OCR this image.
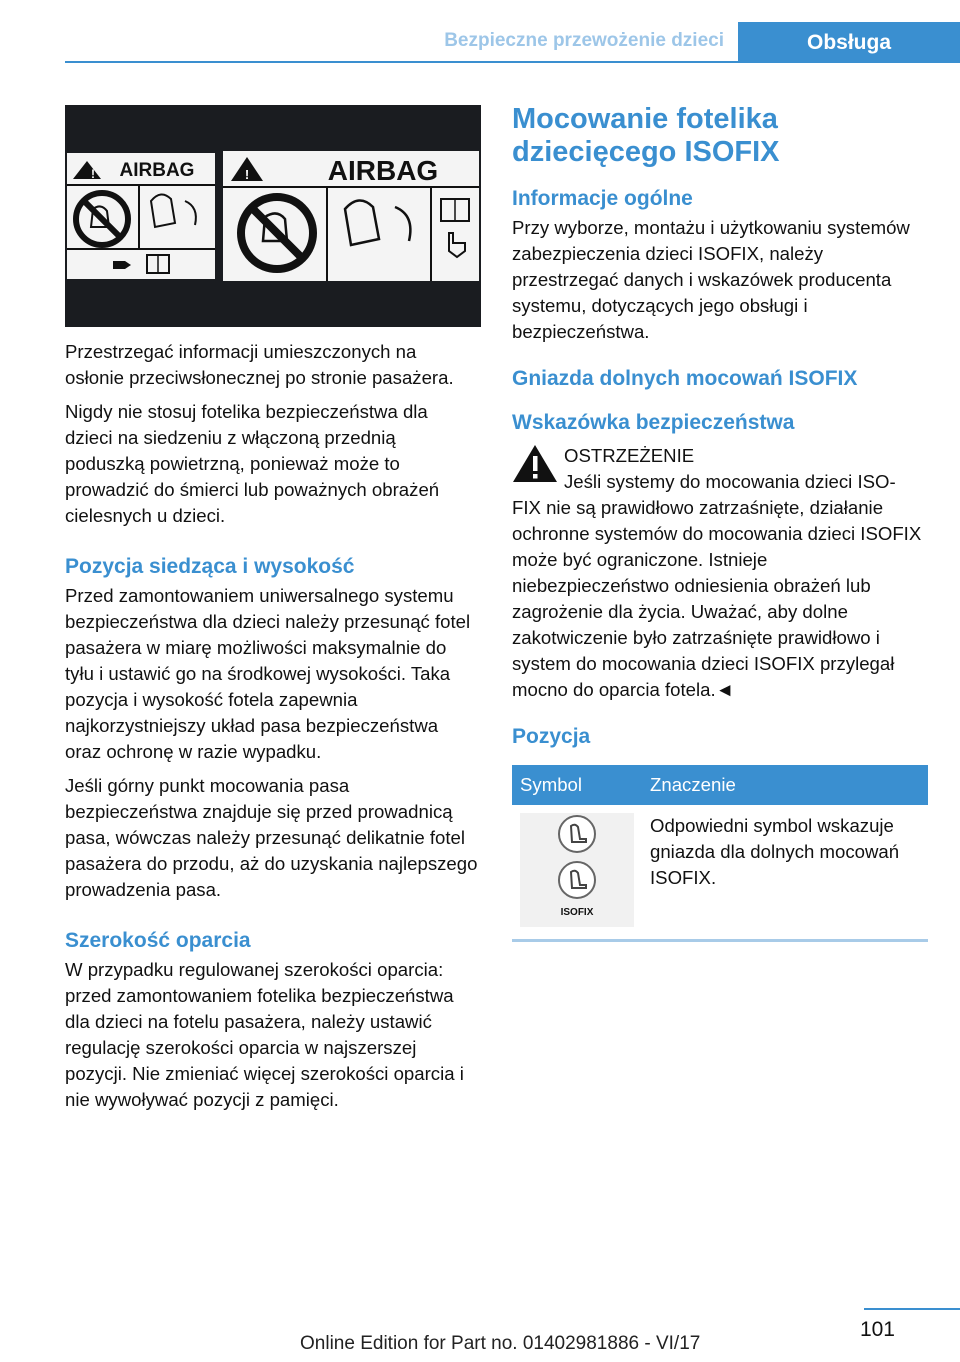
Bezpieczne przewożenie dzieci	Obsługa
! AIRBAG	!	AIRBAG

Przestrzegać informacji umieszczonych na osłonie przeciwsłonecznej po stronie pasażera.

Nigdy nie stosuj fotelika bezpieczeństwa dla dzieci na siedzeniu z włączoną przednią poduszką powietrzną, ponieważ może to prowadzić do śmierci lub poważnych obrażeń cielesnych u dzieci.

Pozycja siedząca i wysokość

Przed zamontowaniem uniwersalnego systemu bezpieczeństwa dla dzieci należy przesunąć fotel pasażera w miarę możliwości maksymalnie do tyłu i ustawić go na środkowej wysokości. Taka pozycja i wysokość fotela zapewnia najkorzystniejszy układ pasa bezpieczeństwa oraz ochronę w razie wypadku.

Jeśli górny punkt mocowania pasa bezpieczeństwa znajduje się przed prowadnicą pasa, wówczas należy przesunąć delikatnie fotel pasażera do przodu, aż do uzyskania najlepszego prowadzenia pasa.

Szerokość oparcia

W przypadku regulowanej szerokości oparcia: przed zamontowaniem fotelika bezpieczeństwa dla dzieci na fotelu pasażera, należy ustawić regulację szerokości oparcia w najszerszej pozycji. Nie zmieniać więcej szerokości oparcia i nie wywoływać pozycji z pamięci.

Mocowanie fotelika dziecięcego ISOFIX
Informacje ogólne

Przy wyborze, montażu i użytkowaniu systemów zabezpieczenia dzieci ISOFIX, należy przestrzegać danych i wskazówek producenta systemu, dotyczących jego obsługi i bezpieczeństwa.

Gniazda dolnych mocowań ISOFIX
Wskazówka bezpieczeństwa
OSTRZEŻENIE
Jeśli systemy do mocowania dzieci ISO-

FIX nie są prawidłowo zatrzaśnięte, działanie ochronne systemów do mocowania dzieci ISOFIX może być ograniczone. Istnieje niebezpieczeństwo odniesienia obrażeń lub zagrożenie dla życia. Uważać, aby dolne zakotwiczenie było zatrzaśnięte prawidłowo i system do mocowania dzieci ISOFIX przylegał mocno do oparcia fotela.◄

Pozycja
Symbol	Znaczenie

ISOFIX	Odpowiedni symbol wskazuje gniazda dla dolnych mocowań ISOFIX.
101
Online Edition for Part no. 01402981886 - VI/17
